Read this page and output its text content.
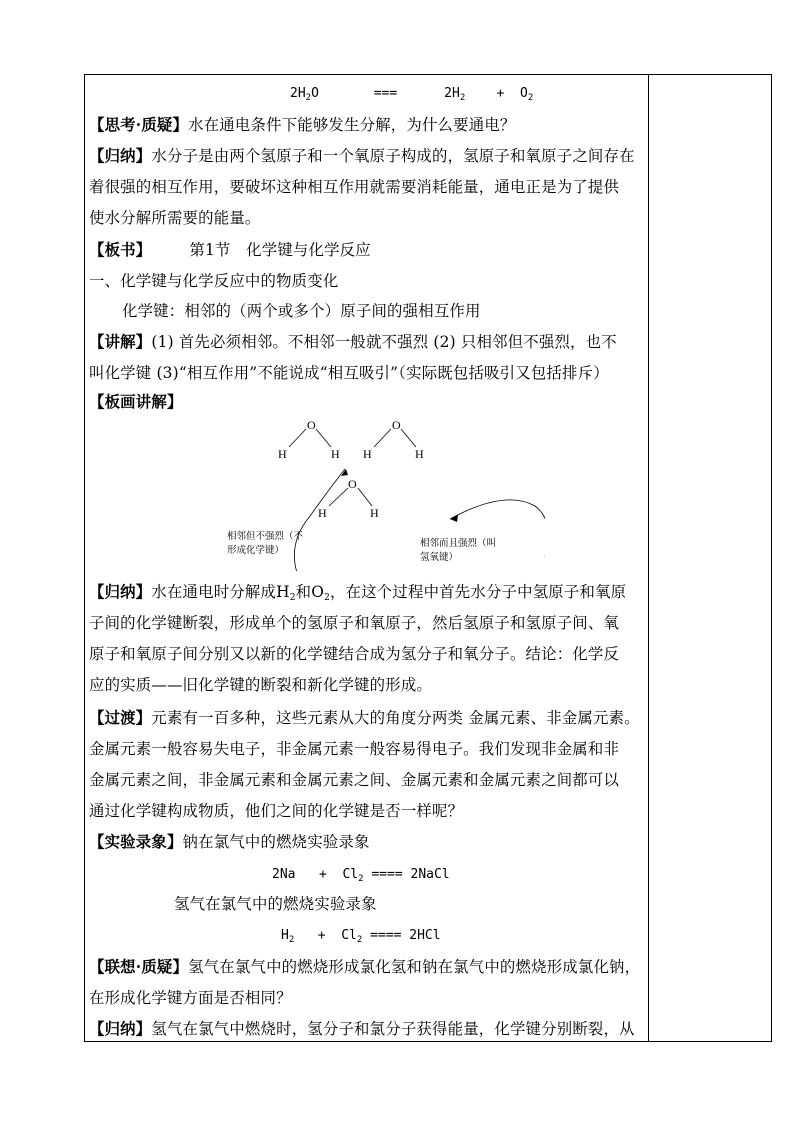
$2H_2O$	===	$2H_2 + O_2$
【思考·质疑】水在通电条件下能够发生分解，为什么要通电？
【归纳】水分子是由两个氢原子和一个氧原子构成的，氢原子和氧原子之间存在
着很强的相互作用，要破坏这种相互作用就需要消耗能量，通电正是为了提供
使水分解所需要的能量。
【板书】 第1节　化学键与化学反应
一、化学键与化学反应中的物质变化
化学键：相邻的（两个或多个）原子间的强相互作用
【讲解】(1) 首先必须相邻。不相邻一般就不强烈 (2) 只相邻但不强烈，也不
叫化学键 (3)“相互作用”不能说成“相互吸引”（实际既包括吸引又包括排斥）
【板画讲解】
O
H	H
O
H	H
O
H	H
相邻但不强烈（不
形成化学键）
相邻而且强烈（叫
氢氧键）
【归纳】水在通电时分解成$H_2$和$O_2$，在这个过程中首先水分子中氢原子和氧原
子间的化学键断裂，形成单个的氢原子和氧原子，然后氢原子和氢原子间、氧
原子和氧原子间分别又以新的化学键结合成为氢分子和氧分子。结论：化学反
应的实质——旧化学键的断裂和新化学键的形成。
【过渡】元素有一百多种，这些元素从大的角度分两类 金属元素、非金属元素。
金属元素一般容易失电子，非金属元素一般容易得电子。我们发现非金属和非
金属元素之间，非金属元素和金属元素之间、金属元素和金属元素之间都可以
通过化学键构成物质，他们之间的化学键是否一样呢？
【实验录象】钠在氯气中的燃烧实验录象
$2Na + Cl_2$ ==== 2NaCl
氢气在氯气中的燃烧实验录象
$H_2 + Cl_2$ ==== 2HCl
【联想·质疑】氢气在氯气中的燃烧形成氯化氢和钠在氯气中的燃烧形成氯化钠，
在形成化学键方面是否相同？
【归纳】氢气在氯气中燃烧时，氢分子和氯分子获得能量，化学键分别断裂，从
